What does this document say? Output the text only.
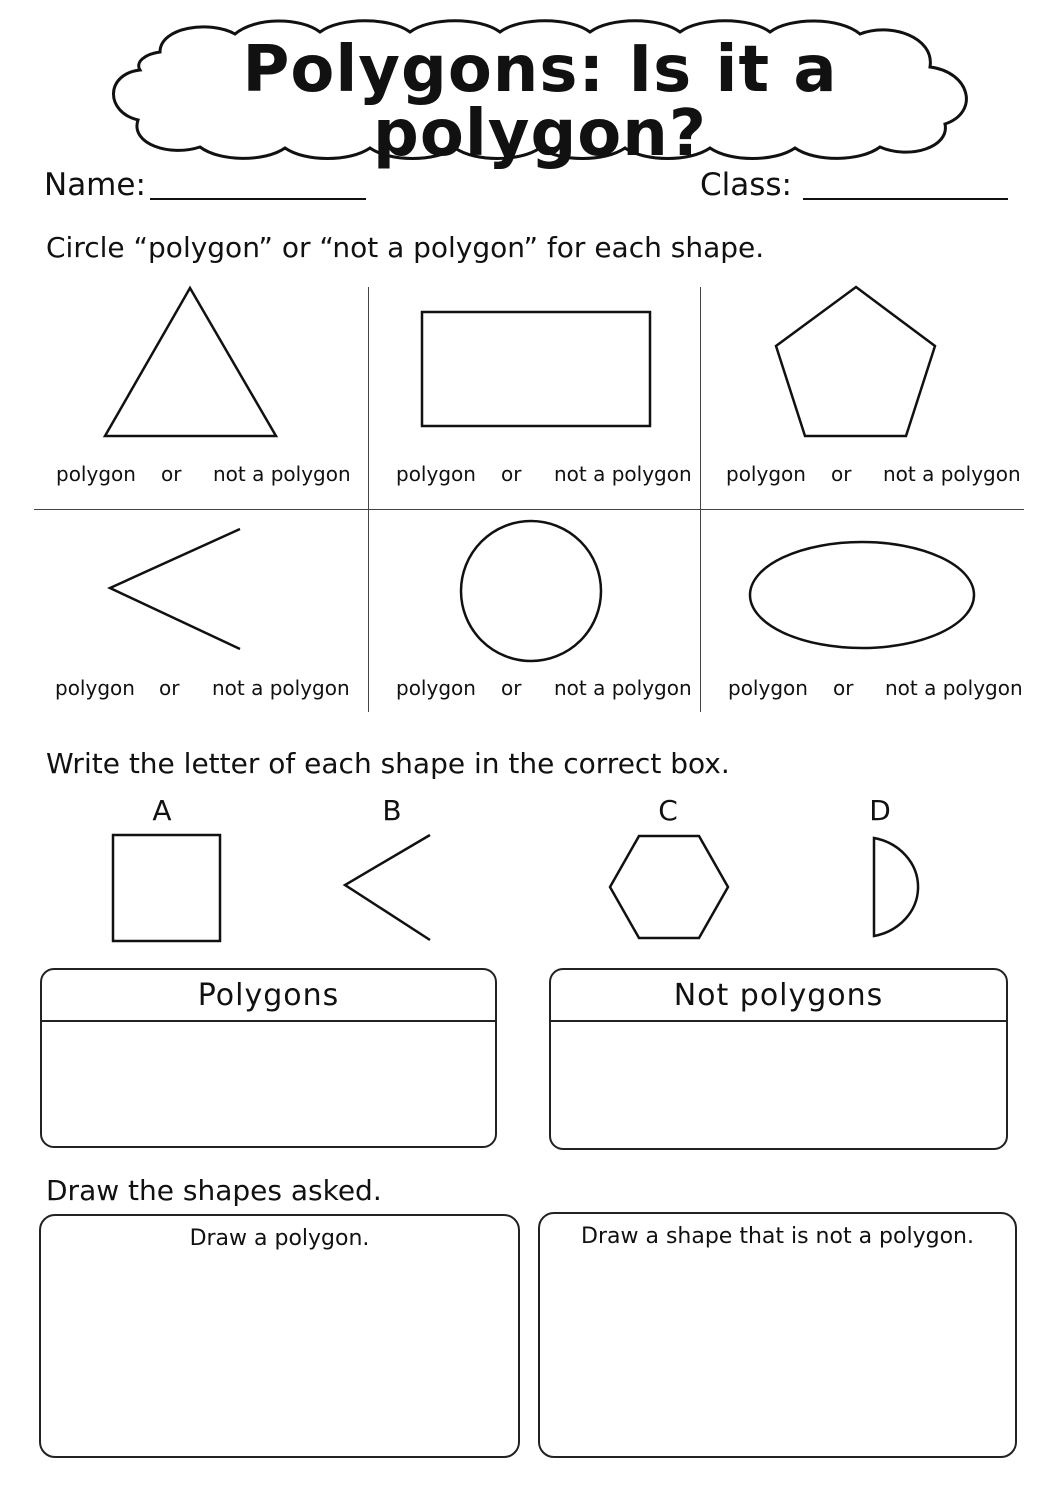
Polygons: Is it a polygon?
Name:	Class:
Circle “polygon” or “not a polygon” for each shape.
polygon or not a polygon polygon or not a polygon polygon or not a polygon
polygon or not a polygon polygon or not a polygon polygon or not a polygon
Write the letter of each shape in the correct box.
A	B	C	D
Polygons	Not polygons
Draw the shapes asked.
Draw a polygon.	Draw a shape that is not a polygon.
